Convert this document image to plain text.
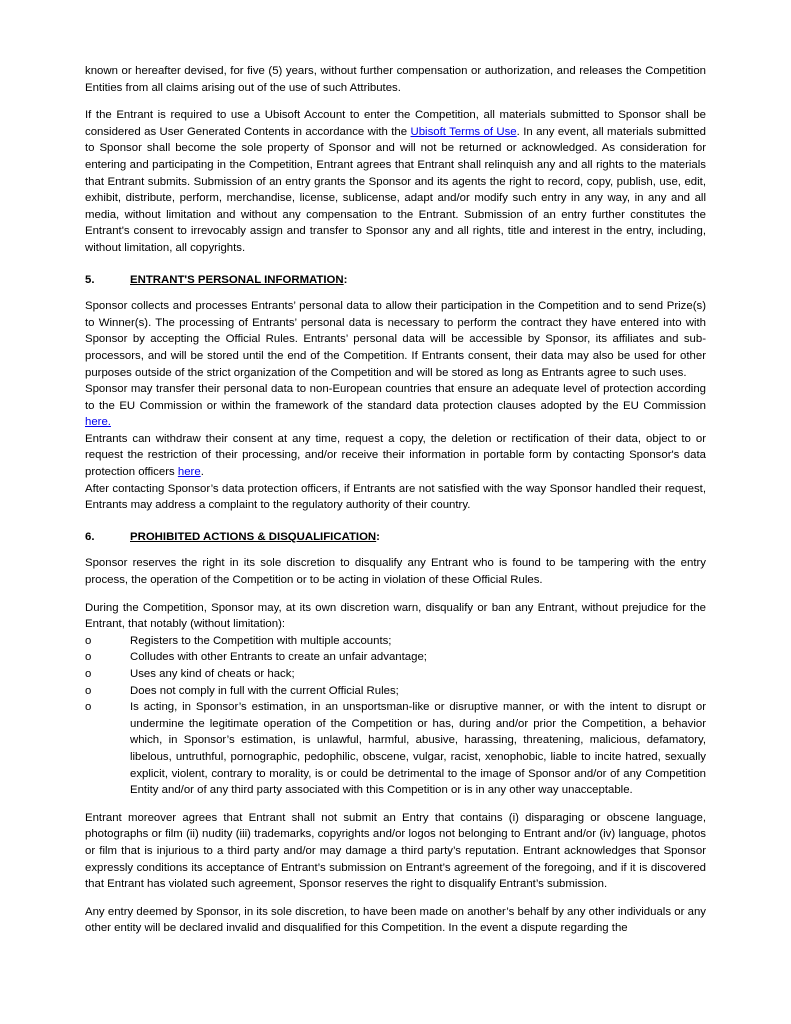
known or hereafter devised, for five (5) years, without further compensation or authorization, and releases the Competition Entities from all claims arising out of the use of such Attributes.

If the Entrant is required to use a Ubisoft Account to enter the Competition, all materials submitted to Sponsor shall be considered as User Generated Contents in accordance with the Ubisoft Terms of Use. In any event, all materials submitted to Sponsor shall become the sole property of Sponsor and will not be returned or acknowledged. As consideration for entering and participating in the Competition, Entrant agrees that Entrant shall relinquish any and all rights to the materials that Entrant submits. Submission of an entry grants the Sponsor and its agents the right to record, copy, publish, use, edit, exhibit, distribute, perform, merchandise, license, sublicense, adapt and/or modify such entry in any way, in any and all media, without limitation and without any compensation to the Entrant. Submission of an entry further constitutes the Entrant's consent to irrevocably assign and transfer to Sponsor any and all rights, title and interest in the entry, including, without limitation, all copyrights.

5.	ENTRANT'S PERSONAL INFORMATION:

Sponsor collects and processes Entrants’ personal data to allow their participation in the Competition and to send Prize(s) to Winner(s). The processing of Entrants’ personal data is necessary to perform the contract they have entered into with Sponsor by accepting the Official Rules. Entrants’ personal data will be accessible by Sponsor, its affiliates and sub-processors, and will be stored until the end of the Competition. If Entrants consent, their data may also be used for other purposes outside of the strict organization of the Competition and will be stored as long as Entrants agree to such uses.

Sponsor may transfer their personal data to non-European countries that ensure an adequate level of protection according to the EU Commission or within the framework of the standard data protection clauses adopted by the EU Commission here.

Entrants can withdraw their consent at any time, request a copy, the deletion or rectification of their data, object to or request the restriction of their processing, and/or receive their information in portable form by contacting Sponsor's data protection officers here.

After contacting Sponsor’s data protection officers, if Entrants are not satisfied with the way Sponsor handled their request, Entrants may address a complaint to the regulatory authority of their country.

6.	PROHIBITED ACTIONS & DISQUALIFICATION:

Sponsor reserves the right in its sole discretion to disqualify any Entrant who is found to be tampering with the entry process, the operation of the Competition or to be acting in violation of these Official Rules.

During the Competition, Sponsor may, at its own discretion warn, disqualify or ban any Entrant, without prejudice for the Entrant, that notably (without limitation):

o	Registers to the Competition with multiple accounts;
o	Colludes with other Entrants to create an unfair advantage;
o	Uses any kind of cheats or hack;
o	Does not comply in full with the current Official Rules;
o	Is acting, in Sponsor’s estimation, in an unsportsman-like or disruptive manner, or with the intent to disrupt or undermine the legitimate operation of the Competition or has, during and/or prior the Competition, a behavior which, in Sponsor’s estimation, is unlawful, harmful, abusive, harassing, threatening, malicious, defamatory, libelous, untruthful, pornographic, pedophilic, obscene, vulgar, racist, xenophobic, liable to incite hatred, sexually explicit, violent, contrary to morality, is or could be detrimental to the image of Sponsor and/or of any Competition Entity and/or of any third party associated with this Competition or is in any other way unacceptable.

Entrant moreover agrees that Entrant shall not submit an Entry that contains (i) disparaging or obscene language, photographs or film (ii) nudity (iii) trademarks, copyrights and/or logos not belonging to Entrant and/or (iv) language, photos or film that is injurious to a third party and/or may damage a third party’s reputation. Entrant acknowledges that Sponsor expressly conditions its acceptance of Entrant’s submission on Entrant’s agreement of the foregoing, and if it is discovered that Entrant has violated such agreement, Sponsor reserves the right to disqualify Entrant’s submission.

Any entry deemed by Sponsor, in its sole discretion, to have been made on another’s behalf by any other individuals or any other entity will be declared invalid and disqualified for this Competition. In the event a dispute regarding the
